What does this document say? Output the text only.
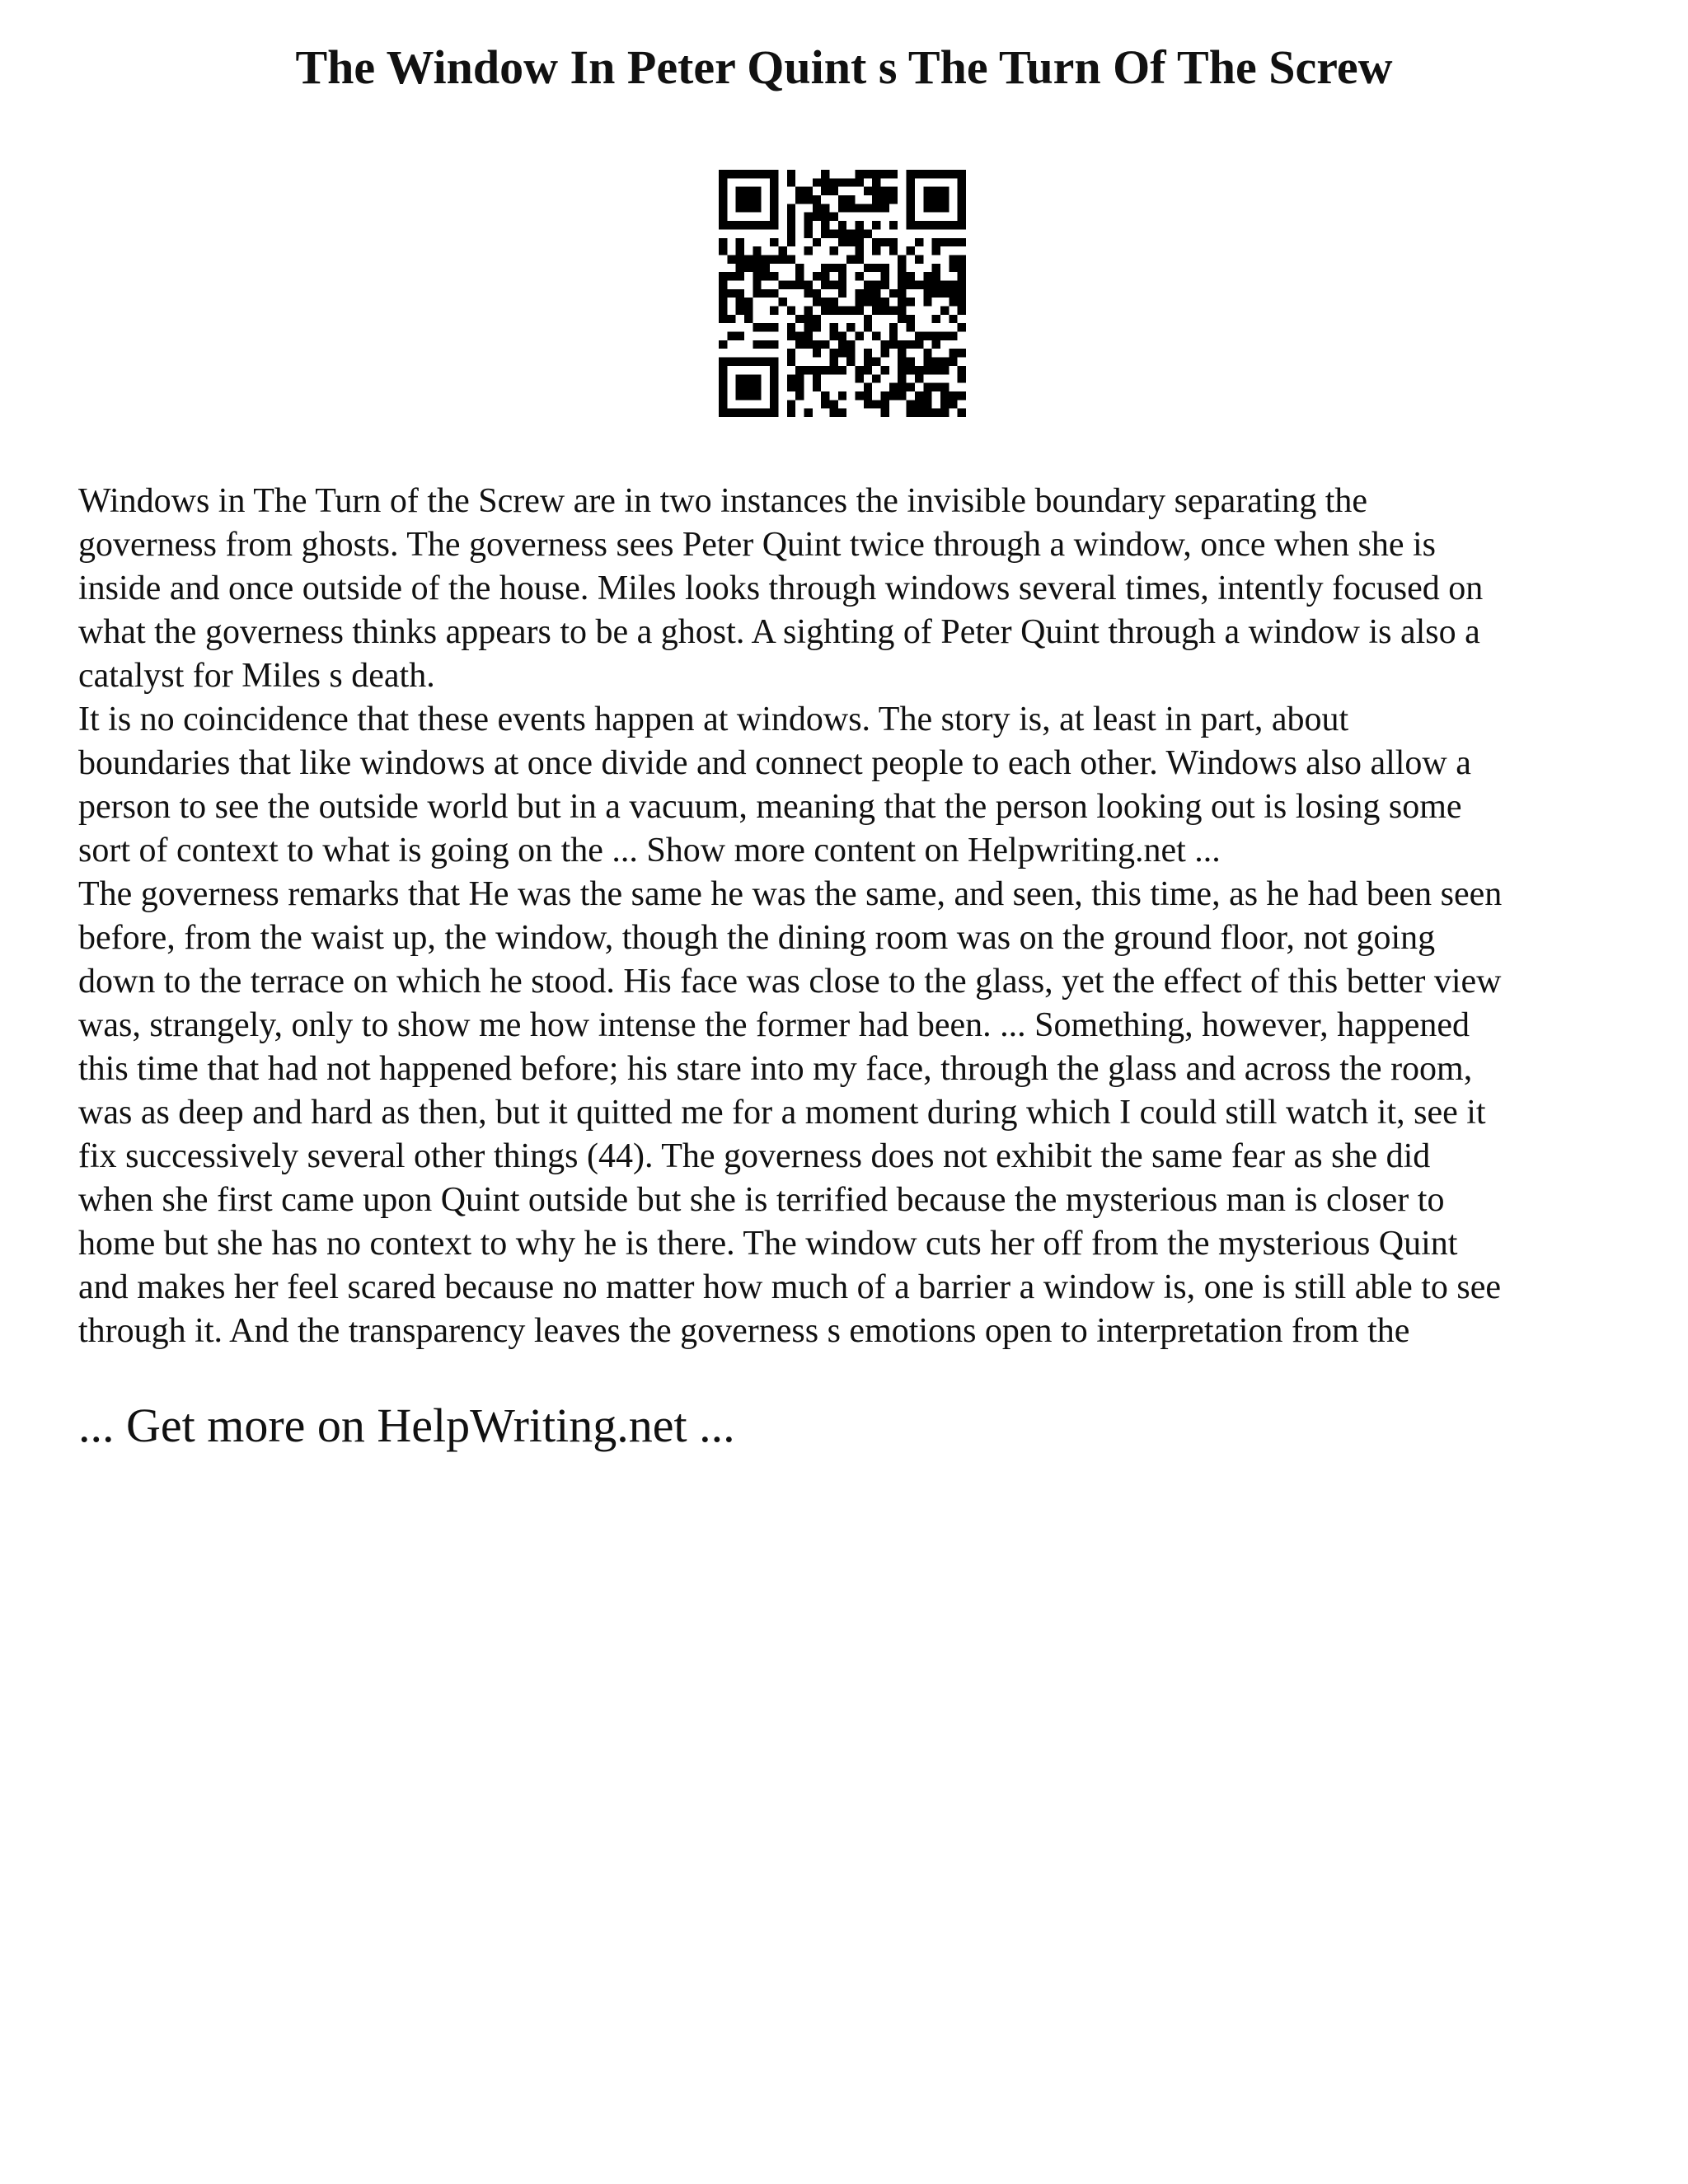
The Window In Peter Quint s The Turn Of The Screw
Windows in The Turn of the Screw are in two instances the invisible boundary separating the
governess from ghosts. The governess sees Peter Quint twice through a window, once when she is
inside and once outside of the house. Miles looks through windows several times, intently focused on
what the governess thinks appears to be a ghost. A sighting of Peter Quint through a window is also a
catalyst for Miles s death.
It is no coincidence that these events happen at windows. The story is, at least in part, about
boundaries that like windows at once divide and connect people to each other. Windows also allow a
person to see the outside world but in a vacuum, meaning that the person looking out is losing some
sort of context to what is going on the ... Show more content on Helpwriting.net ...
The governess remarks that He was the same he was the same, and seen, this time, as he had been seen
before, from the waist up, the window, though the dining room was on the ground floor, not going
down to the terrace on which he stood. His face was close to the glass, yet the effect of this better view
was, strangely, only to show me how intense the former had been. ... Something, however, happened
this time that had not happened before; his stare into my face, through the glass and across the room,
was as deep and hard as then, but it quitted me for a moment during which I could still watch it, see it
fix successively several other things (44). The governess does not exhibit the same fear as she did
when she first came upon Quint outside but she is terrified because the mysterious man is closer to
home but she has no context to why he is there. The window cuts her off from the mysterious Quint
and makes her feel scared because no matter how much of a barrier a window is, one is still able to see
through it. And the transparency leaves the governess s emotions open to interpretation from the
... Get more on HelpWriting.net ...
